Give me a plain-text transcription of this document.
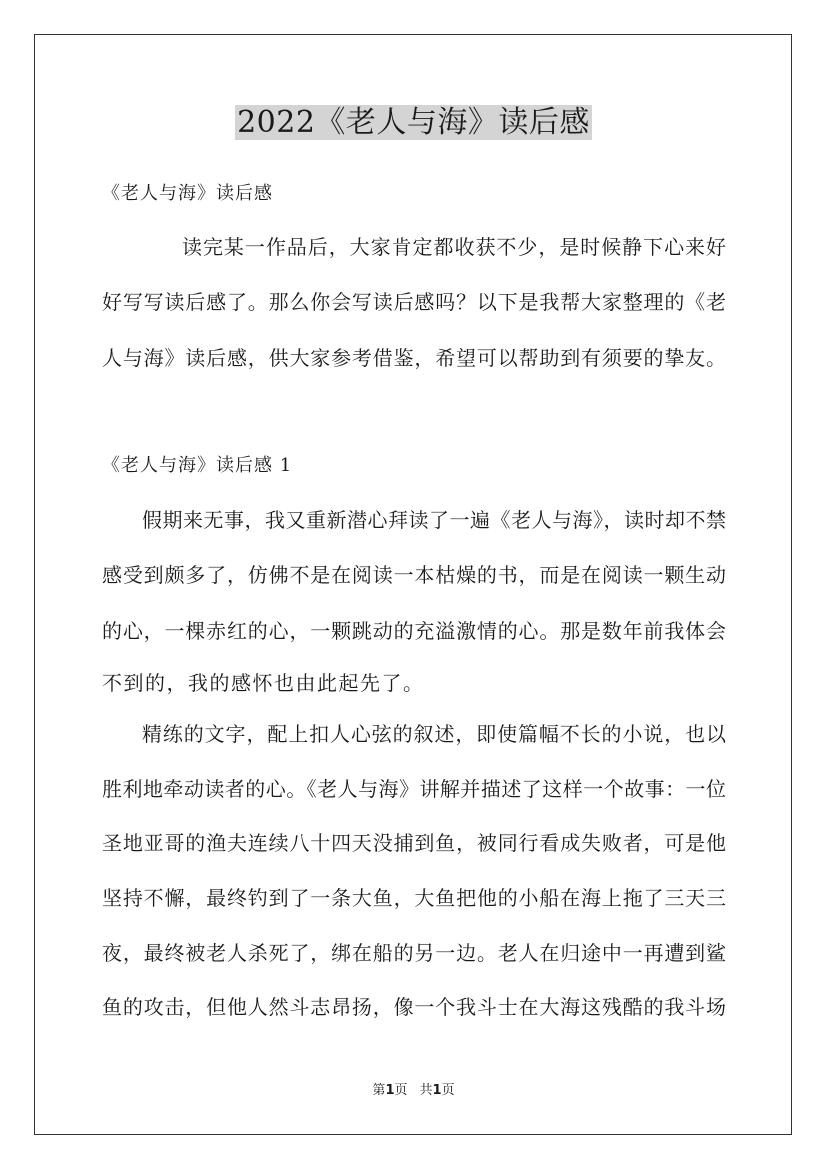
2022《老人与海》读后感
《老人与海》读后感

读完某一作品后，大家肯定都收获不少，是时候静下心来好

好写写读后感了。那么你会写读后感吗？以下是我帮大家整理的《老

人与海》读后感，供大家参考借鉴，希望可以帮助到有须要的挚友。

《老人与海》读后感 1

假期来无事，我又重新潜心拜读了一遍《老人与海》，读时却不禁

感受到颇多了，仿佛不是在阅读一本枯燥的书，而是在阅读一颗生动

的心，一棵赤红的心，一颗跳动的充溢激情的心。那是数年前我体会

不到的，我的感怀也由此起先了。

精练的文字，配上扣人心弦的叙述，即使篇幅不长的小说，也以

胜利地牵动读者的心。《老人与海》讲解并描述了这样一个故事：一位

圣地亚哥的渔夫连续八十四天没捕到鱼，被同行看成失败者，可是他

坚持不懈，最终钓到了一条大鱼，大鱼把他的小船在海上拖了三天三

夜，最终被老人杀死了，绑在船的另一边。老人在归途中一再遭到鲨

鱼的攻击，但他人然斗志昂扬，像一个我斗士在大海这残酷的我斗场

第1页 共1页
